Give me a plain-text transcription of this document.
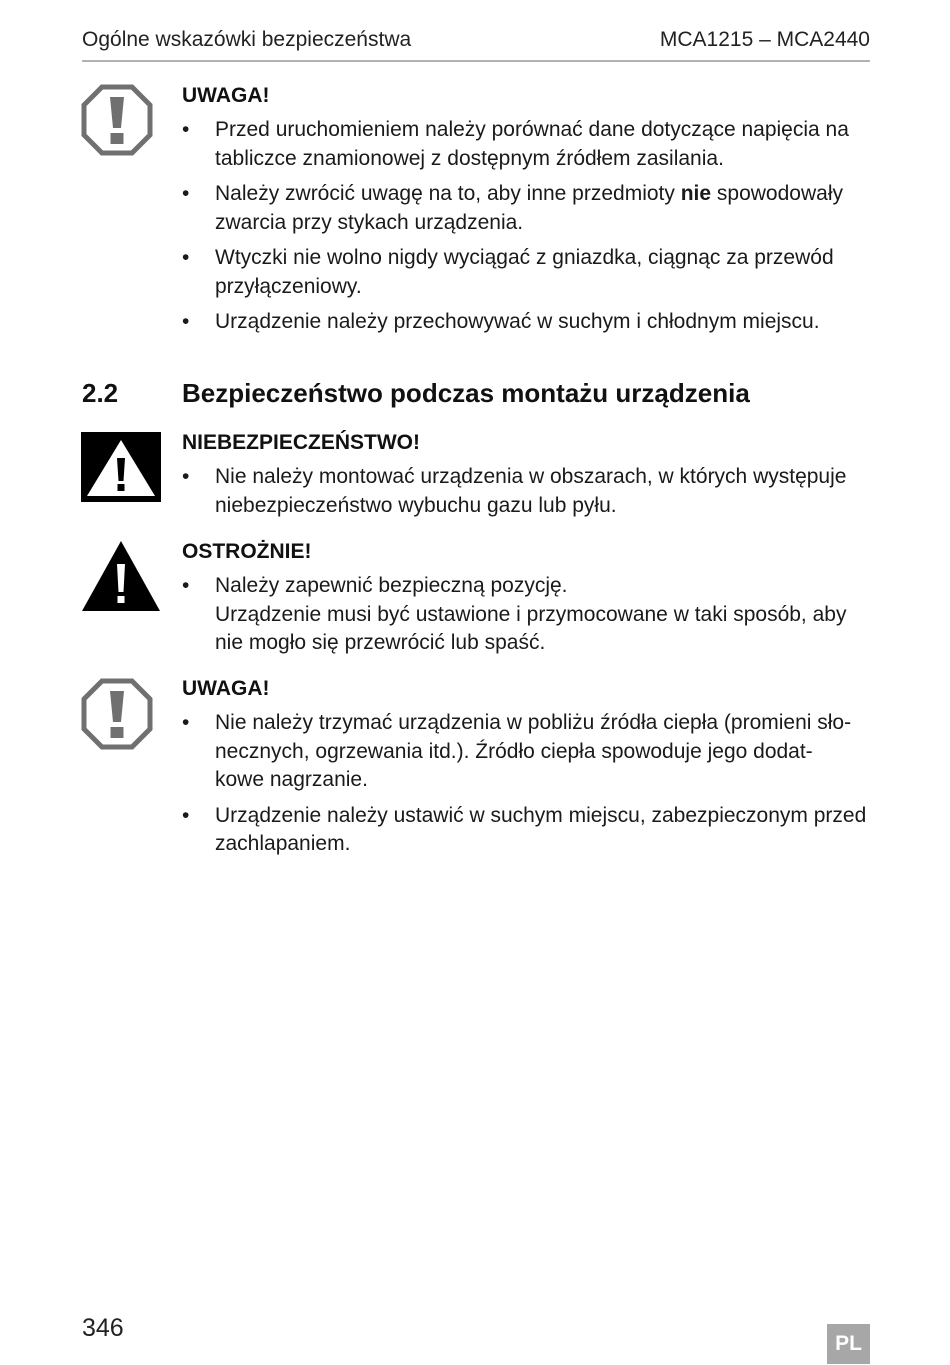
Ogólne wskazówki bezpieczeństwa	MCA1215 – MCA2440
UWAGA!
• Przed uruchomieniem należy porównać dane dotyczące napięcia na
tabliczce znamionowej z dostępnym źródłem zasilania.
• Należy zwrócić uwagę na to, aby inne przedmioty nie spowodowały
zwarcia przy stykach urządzenia.
• Wtyczki nie wolno nigdy wyciągać z gniazdka, ciągnąc za przewód
przyłączeniowy.
• Urządzenie należy przechowywać w suchym i chłodnym miejscu.
2.2 Bezpieczeństwo podczas montażu urządzenia
NIEBEZPIECZEŃSTWO!
• Nie należy montować urządzenia w obszarach, w których występuje
niebezpieczeństwo wybuchu gazu lub pyłu.
OSTROŻNIE!
• Należy zapewnić bezpieczną pozycję.
Urządzenie musi być ustawione i przymocowane w taki sposób, aby
nie mogło się przewrócić lub spaść.
UWAGA!
• Nie należy trzymać urządzenia w pobliżu źródła ciepła (promieni sło-
necznych, ogrzewania itd.). Źródło ciepła spowoduje jego dodat-
kowe nagrzanie.
• Urządzenie należy ustawić w suchym miejscu, zabezpieczonym przed
zachlapaniem.
346
PL
